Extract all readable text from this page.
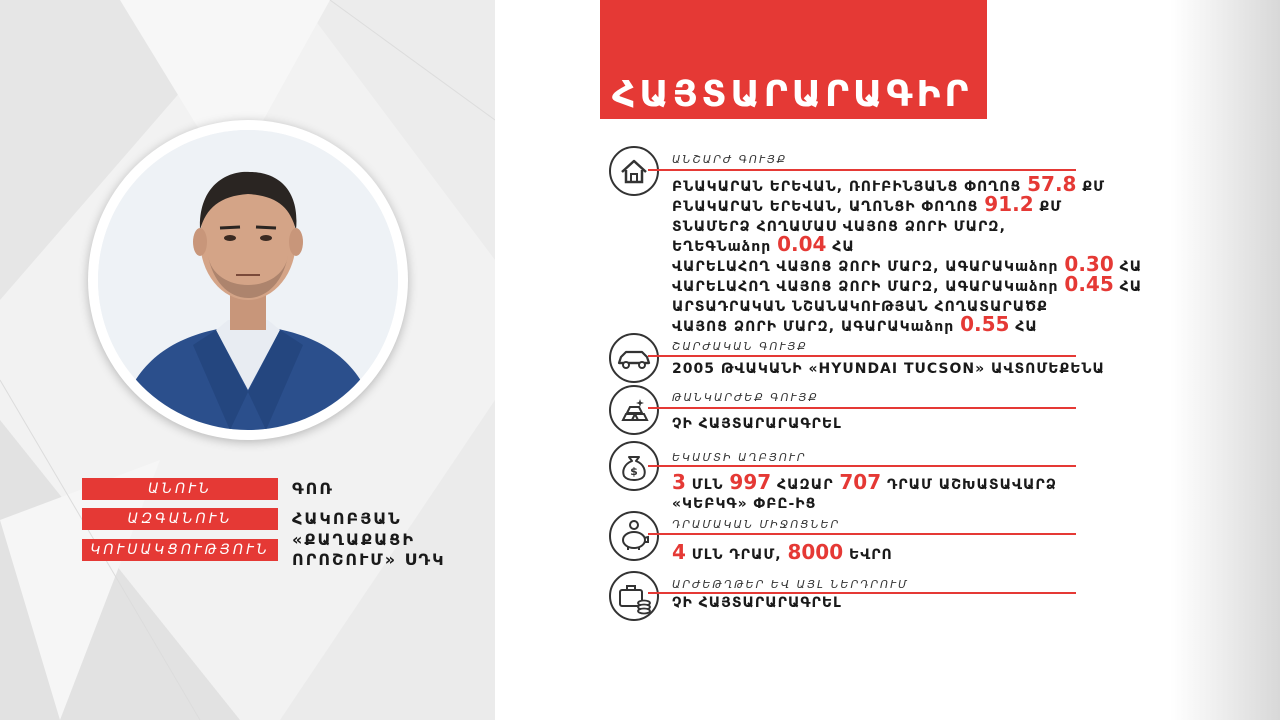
ԱՆՈՒՆ	ԳՈՌ
ԱԶԳԱՆՈՒՆ	ՀԱԿՈԲՅԱՆ
ԿՈՒՍԱԿՑՈՒԹՅՈՒՆ
«ՔԱՂԱՔԱՑԻ
ՈՐՈՇՈՒՄ» ՍԴԿ
ՀԱՅՏԱՐԱՐԱԳԻՐ
ԱՆՇԱՐԺ ԳՈՒՅՔ
ԲՆԱԿԱՐԱՆ ԵՐԵՎԱՆ, ՌՈՒԲԻՆՅԱՆՑ ՓՈՂՈՑ 57.8 ՔՄ
ԲՆԱԿԱՐԱՆ ԵՐԵՎԱՆ, ԱՂՈՆՑԻ ՓՈՂՈՑ 91.2 ՔՄ
ՏՆԱՄԵՐՁ ՀՈՂԱՄԱՍ ՎԱՅՈՑ ՁՈՐԻ ՄԱՐԶ,
ԵՂԵԳՆաձոր 0.04 ՀԱ
ՎԱՐԵԼԱՀՈՂ ՎԱՅՈՑ ՁՈՐԻ ՄԱՐԶ, ԱԳԱՐԱԿաձոր 0.30 ՀԱ
ՎԱՐԵԼԱՀՈՂ ՎԱՅՈՑ ՁՈՐԻ ՄԱՐԶ, ԱԳԱՐԱԿաձոր 0.45 ՀԱ
ԱՐՏԱԴՐԱԿԱՆ ՆՇԱՆԱԿՈՒԹՅԱՆ ՀՈՂԱՏԱՐԱԾՔ
ՎԱՅՈՑ ՁՈՐԻ ՄԱՐԶ, ԱԳԱՐԱԿաձոր 0.55 ՀԱ
ՇԱՐԺԱԿԱՆ ԳՈՒՅՔ
2005 ԹՎԱԿԱՆԻ «HYUNDAI TUCSON» ԱՎՏՈՄԵՔԵՆԱ
ԹԱՆԿԱՐԺԵՔ ԳՈՒՅՔ
ՉԻ ՀԱՅՏԱՐԱՐԱԳՐԵԼ
$
ԵԿԱՄՏԻ ԱՂԲՅՈՒՐ
3 ՄԼՆ 997 ՀԱԶԱՐ 707 ԴՐԱՄ ԱՇԽԱՏԱՎԱՐՁ
«ԿԵԲԿԳ» ՓԲԸ-ԻՑ
ԴՐԱՄԱԿԱՆ ՄԻՋՈՑՆԵՐ
4 ՄԼՆ ԴՐԱՄ, 8000 ԵՎՐՈ
ԱՐԺԵԹՂԹԵՐ ԵՎ ԱՅԼ ՆԵՐԴՐՈՒՄ
ՉԻ ՀԱՅՏԱՐԱՐԱԳՐԵԼ
